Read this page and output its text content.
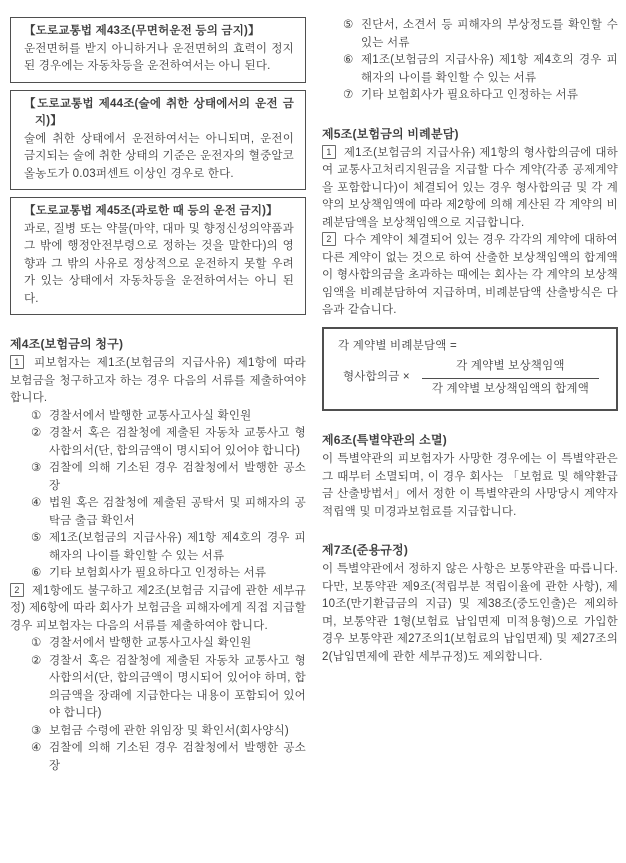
【도로교통법 제43조(무면허운전 등의 금지)】
운전면허를 받지 아니하거나 운전면허의 효력이 정지된 경우에는 자동차등을 운전하여서는 아니 된다.
【도로교통법 제44조(술에 취한 상태에서의 운전 금지)】
술에 취한 상태에서 운전하여서는 아니되며, 운전이 금지되는 술에 취한 상태의 기준은 운전자의 혈중알코올농도가 0.03퍼센트 이상인 경우로 한다.
【도로교통법 제45조(과로한 때 등의 운전 금지)】
과로, 질병 또는 약물(마약, 대마 및 향정신성의약품과 그 밖에 행정안전부령으로 정하는 것을 말한다)의 영향과 그 밖의 사유로 정상적으로 운전하지 못할 우려가 있는 상태에서 자동차등을 운전하여서는 아니 된다.
제4조(보험금의 청구)

1 피보험자는 제1조(보험금의 지급사유) 제1항에 따라 보험금을 청구하고자 하는 경우 다음의 서류를 제출하여야 합니다.

① 경찰서에서 발행한 교통사고사실 확인원
② 경찰서 혹은 검찰청에 제출된 자동차 교통사고 형사합의서(단, 합의금액이 명시되어 있어야 합니다)
③ 검찰에 의해 기소된 경우 검찰청에서 발행한 공소장
④ 법원 혹은 검찰청에 제출된 공탁서 및 피해자의 공탁금 출급 확인서
⑤ 제1조(보험금의 지급사유) 제1항 제4호의 경우 피해자의 나이를 확인할 수 있는 서류
⑥ 기타 보험회사가 필요하다고 인정하는 서류

2 제1항에도 불구하고 제2조(보험금 지급에 관한 세부규정) 제6항에 따라 회사가 보험금을 피해자에게 직접 지급할 경우 피보험자는 다음의 서류를 제출하여야 합니다.

① 경찰서에서 발행한 교통사고사실 확인원
② 경찰서 혹은 검찰청에 제출된 자동차 교통사고 형사합의서(단, 합의금액이 명시되어 있어야 하며, 합의금액을 장래에 지급한다는 내용이 포함되어 있어야 합니다)
③ 보험금 수령에 관한 위임장 및 확인서(회사양식)
④ 검찰에 의해 기소된 경우 검찰청에서 발행한 공소장
⑤ 진단서, 소견서 등 피해자의 부상정도를 확인할 수 있는 서류
⑥ 제1조(보험금의 지급사유) 제1항 제4호의 경우 피해자의 나이를 확인할 수 있는 서류
⑦ 기타 보험회사가 필요하다고 인정하는 서류
제5조(보험금의 비례분담)

1 제1조(보험금의 지급사유) 제1항의 형사합의금에 대하여 교통사고처리지원금을 지급할 다수 계약(각종 공제계약을 포함합니다)이 체결되어 있는 경우 형사합의금 및 각 계약의 보상책임액에 따라 제2항에 의해 계산된 각 계약의 비례분담액을 보상책임액으로 지급합니다.

2 다수 계약이 체결되어 있는 경우 각각의 계약에 대하여 다른 계약이 없는 것으로 하여 산출한 보상책임액의 합계액이 형사합의금을 초과하는 때에는 회사는 각 계약의 보상책임액을 비례분담하여 지급하며, 비례분담액 산출방식은 다음과 같습니다.

각 계약별 비례분담액 =
형사합의금 × $\frac{\text{각 계약별 보상책임액}}{\text{각 계약별 보상책임액의 합계액}}$
제6조(특별약관의 소멸)

이 특별약관의 피보험자가 사망한 경우에는 이 특별약관은 그 때부터 소멸되며, 이 경우 회사는 「보험료 및 해약환급금 산출방법서」에서 정한 이 특별약관의 사망당시 계약자적립액 및 미경과보험료를 지급합니다.

제7조(준용규정)

이 특별약관에서 정하지 않은 사항은 보통약관을 따릅니다. 다만, 보통약관 제9조(적립부분 적립이율에 관한 사항), 제10조(만기환급금의 지급) 및 제38조(중도인출)은 제외하며, 보통약관 1형(보험료 납입면제 미적용형)으로 가입한 경우 보통약관 제27조의1(보험료의 납입면제) 및 제27조의2(납입면제에 관한 세부규정)도 제외합니다.
